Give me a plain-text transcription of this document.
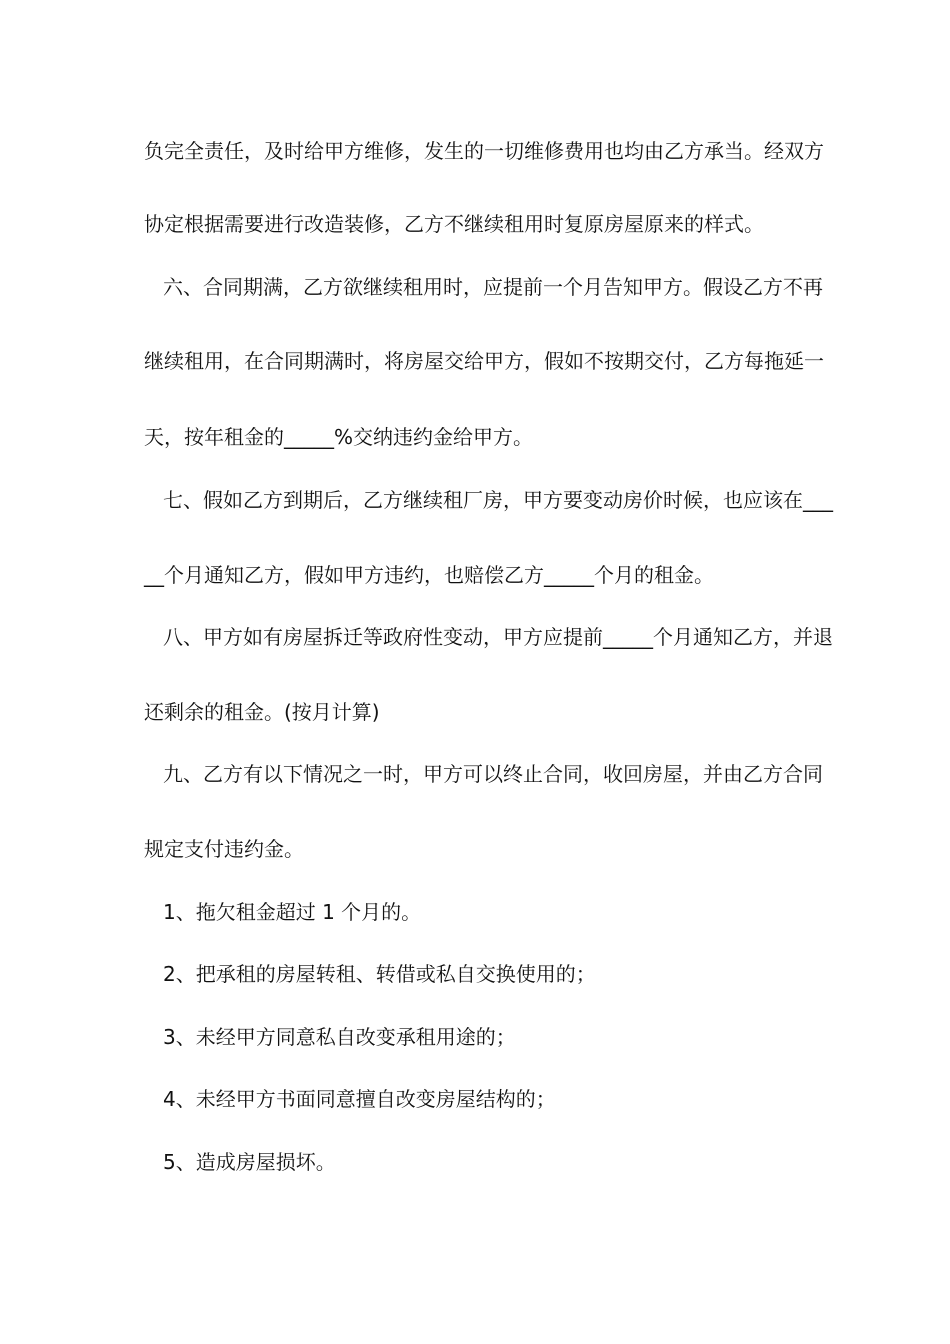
负完全责任，及时给甲方维修，发生的一切维修费用也均由乙方承当。经双方
协定根据需要进行改造装修，乙方不继续租用时复原房屋原来的样式。
六、合同期满，乙方欲继续租用时，应提前一个月告知甲方。假设乙方不再
继续租用，在合同期满时，将房屋交给甲方，假如不按期交付，乙方每拖延一
天，按年租金的_____%交纳违约金给甲方。
七、假如乙方到期后，乙方继续租厂房，甲方要变动房价时候，也应该在___
__个月通知乙方，假如甲方违约，也赔偿乙方_____个月的租金。
八、甲方如有房屋拆迁等政府性变动，甲方应提前_____个月通知乙方，并退
还剩余的租金。(按月计算)
九、乙方有以下情况之一时，甲方可以终止合同，收回房屋，并由乙方合同
规定支付违约金。
1、拖欠租金超过 1 个月的。
2、把承租的房屋转租、转借或私自交换使用的；
3、未经甲方同意私自改变承租用途的；
4、未经甲方书面同意擅自改变房屋结构的；
5、造成房屋损坏。
